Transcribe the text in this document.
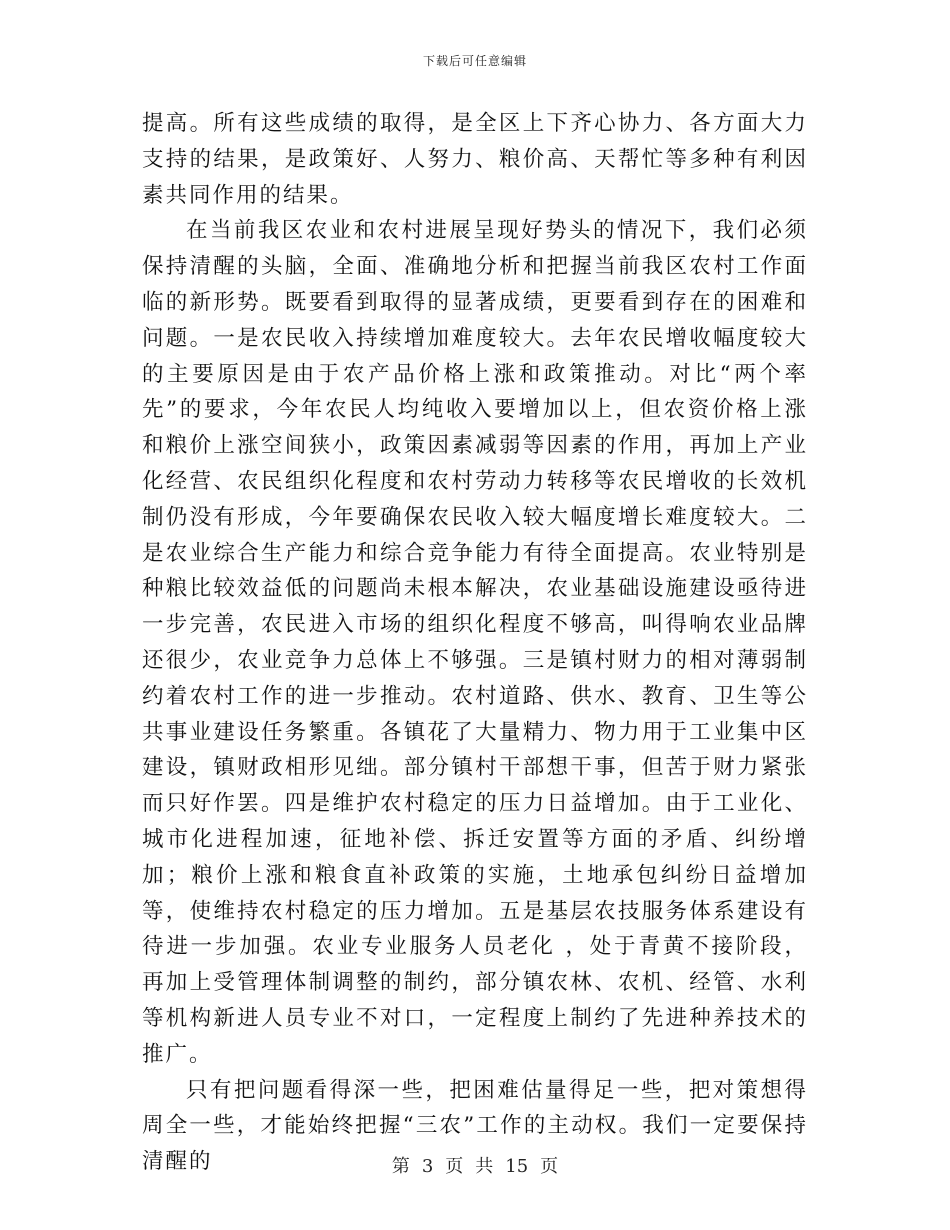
下载后可任意编辑

提高。所有这些成绩的取得，是全区上下齐心协力、各方面大力支持的结果，是政策好、人努力、粮价高、天帮忙等多种有利因素共同作用的结果。

在当前我区农业和农村进展呈现好势头的情况下，我们必须保持清醒的头脑，全面、准确地分析和把握当前我区农村工作面临的新形势。既要看到取得的显著成绩，更要看到存在的困难和问题。一是农民收入持续增加难度较大。去年农民增收幅度较大的主要原因是由于农产品价格上涨和政策推动。对比“两个率先”的要求，今年农民人均纯收入要增加以上，但农资价格上涨和粮价上涨空间狭小，政策因素减弱等因素的作用，再加上产业化经营、农民组织化程度和农村劳动力转移等农民增收的长效机制仍没有形成，今年要确保农民收入较大幅度增长难度较大。二是农业综合生产能力和综合竞争能力有待全面提高。农业特别是种粮比较效益低的问题尚未根本解决，农业基础设施建设亟待进一步完善，农民进入市场的组织化程度不够高，叫得响农业品牌还很少，农业竞争力总体上不够强。三是镇村财力的相对薄弱制约着农村工作的进一步推动。农村道路、供水、教育、卫生等公共事业建设任务繁重。各镇花了大量精力、物力用于工业集中区建设，镇财政相形见绌。部分镇村干部想干事，但苦于财力紧张而只好作罢。四是维护农村稳定的压力日益增加。由于工业化、城市化进程加速，征地补偿、拆迁安置等方面的矛盾、纠纷增加；粮价上涨和粮食直补政策的实施，土地承包纠纷日益增加等，使维持农村稳定的压力增加。五是基层农技服务体系建设有待进一步加强。农业专业服务人员老化 ，处于青黄不接阶段，再加上受管理体制调整的制约，部分镇农林、农机、经管、水利等机构新进人员专业不对口，一定程度上制约了先进种养技术的推广。

只有把问题看得深一些，把困难估量得足一些，把对策想得周全一些，才能始终把握“三农”工作的主动权。我们一定要保持清醒的	第 3 页 共 15 页
